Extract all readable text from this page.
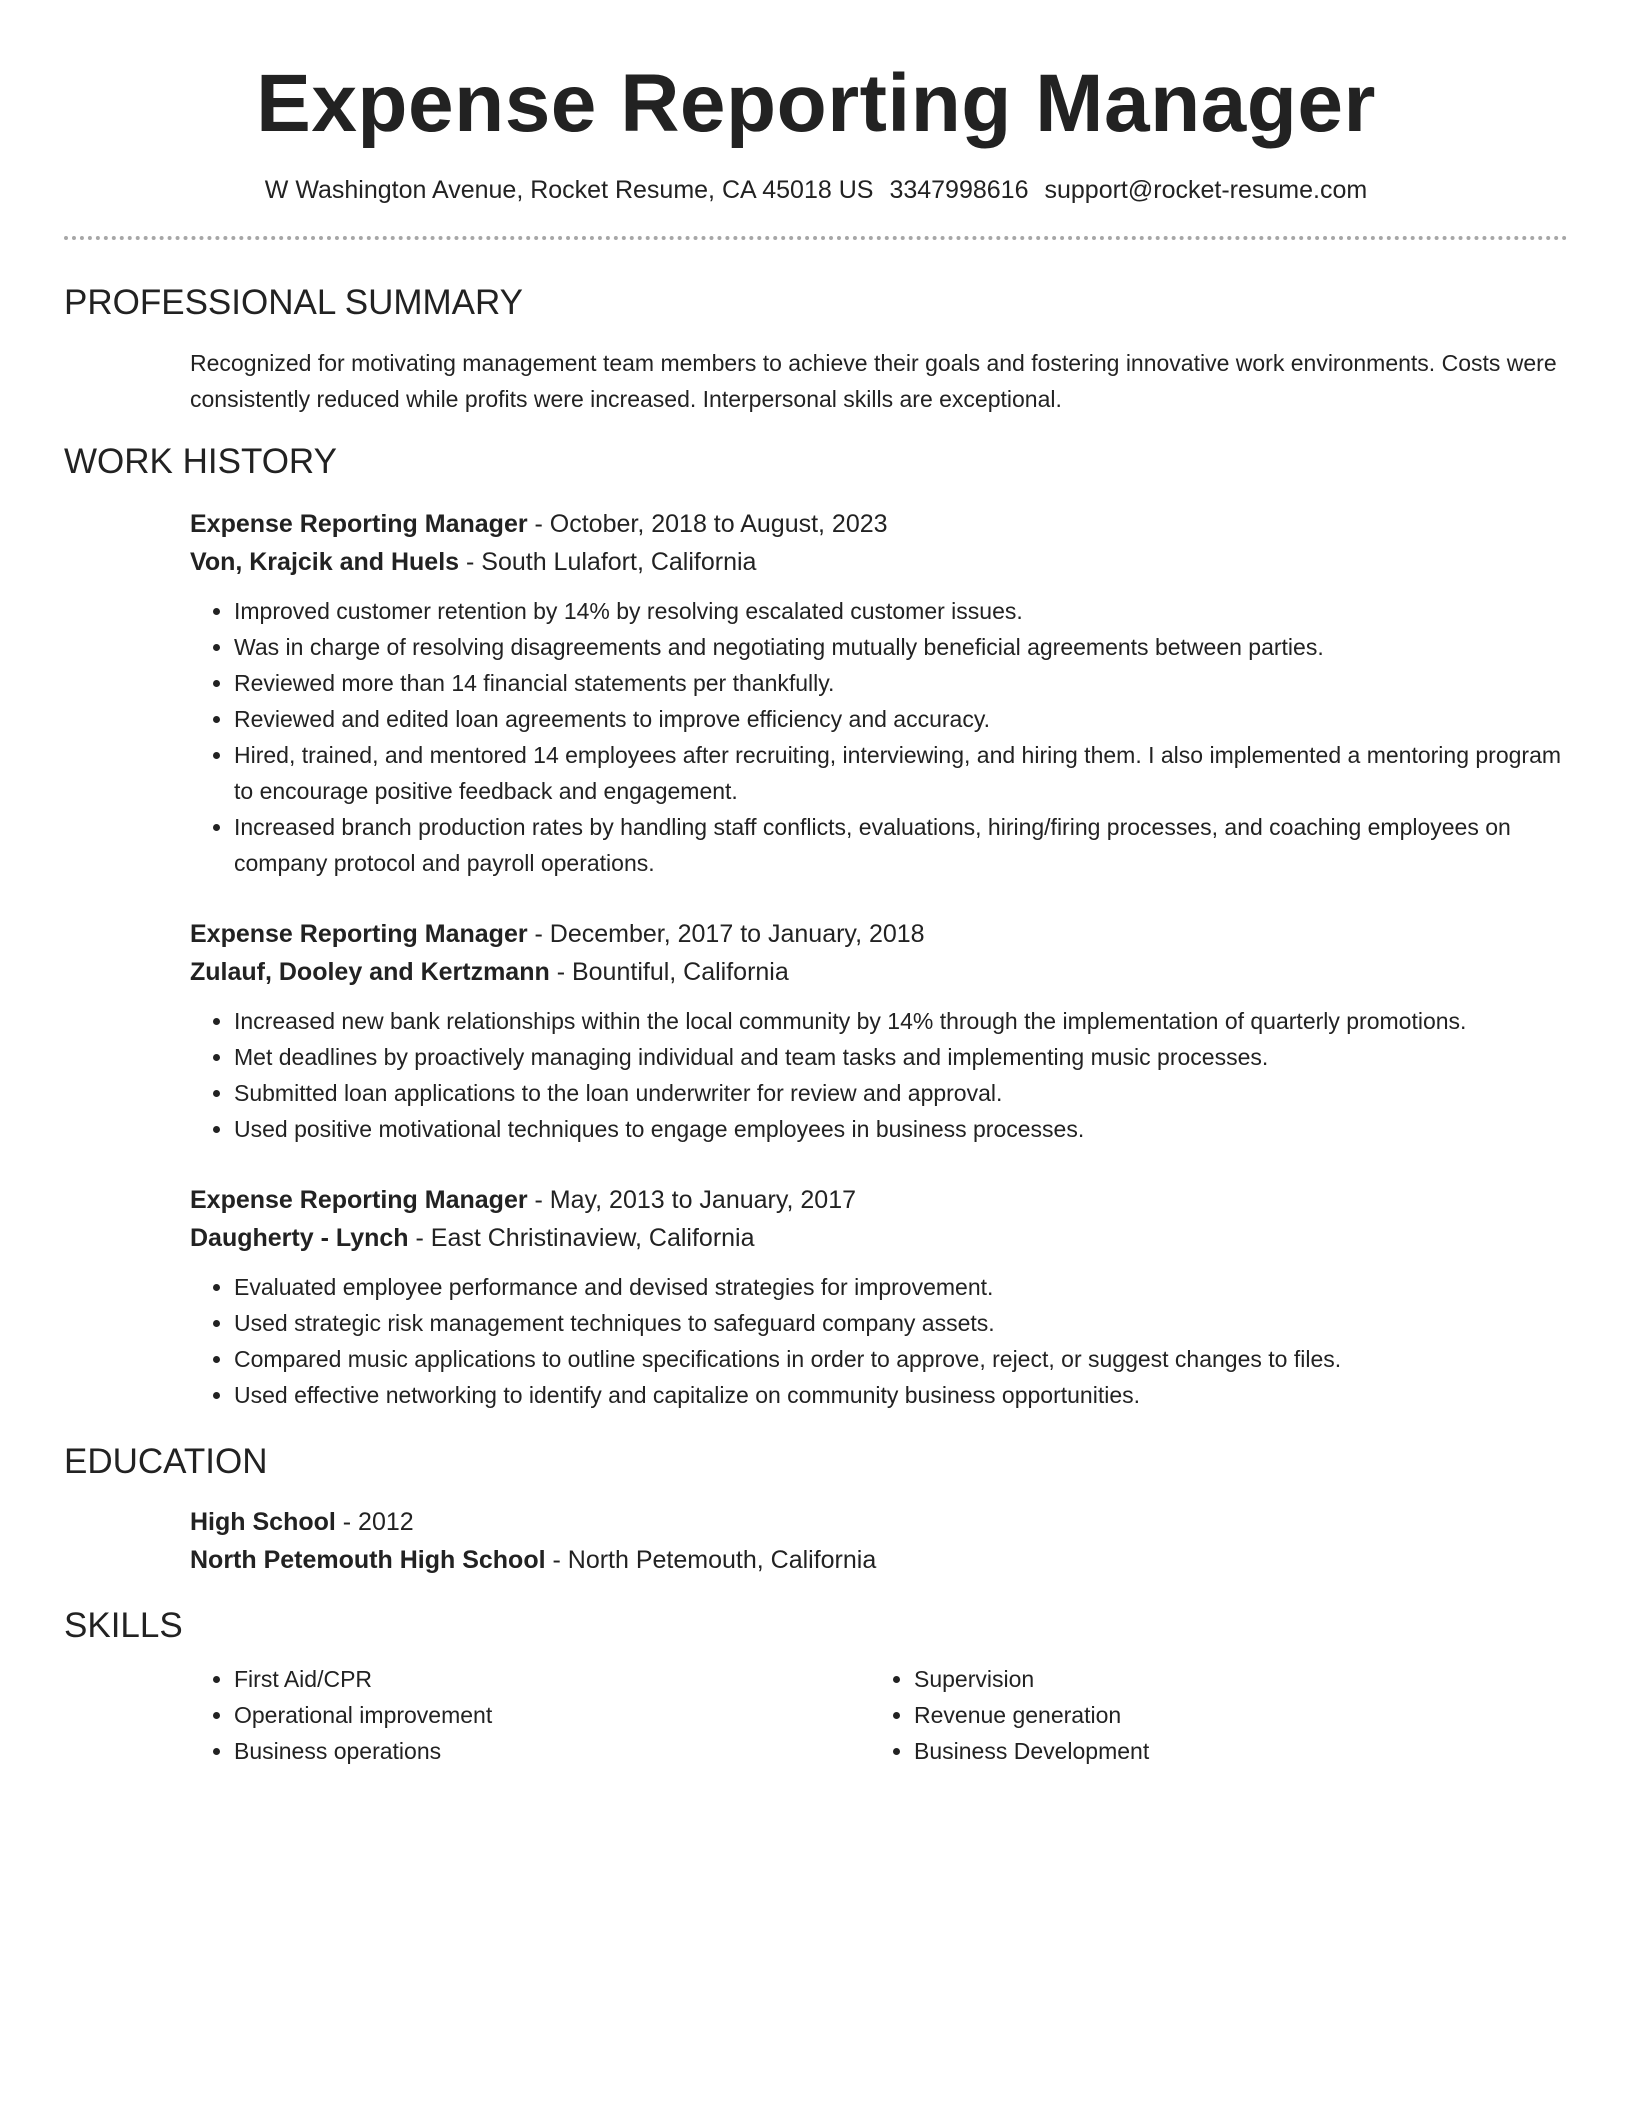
Expense Reporting Manager
W Washington Avenue, Rocket Resume, CA 45018 US 3347998616 support@rocket-resume.com
PROFESSIONAL SUMMARY
Recognized for motivating management team members to achieve their goals and fostering innovative work environments. Costs were consistently reduced while profits were increased. Interpersonal skills are exceptional.
WORK HISTORY
Expense Reporting Manager - October, 2018 to August, 2023
Von, Krajcik and Huels - South Lulafort, California
• Improved customer retention by 14% by resolving escalated customer issues.
• Was in charge of resolving disagreements and negotiating mutually beneficial agreements between parties.
• Reviewed more than 14 financial statements per thankfully.
• Reviewed and edited loan agreements to improve efficiency and accuracy.
• Hired, trained, and mentored 14 employees after recruiting, interviewing, and hiring them. I also implemented a mentoring program to encourage positive feedback and engagement.
• Increased branch production rates by handling staff conflicts, evaluations, hiring/firing processes, and coaching employees on company protocol and payroll operations.
Expense Reporting Manager - December, 2017 to January, 2018
Zulauf, Dooley and Kertzmann - Bountiful, California
• Increased new bank relationships within the local community by 14% through the implementation of quarterly promotions.
• Met deadlines by proactively managing individual and team tasks and implementing music processes.
• Submitted loan applications to the loan underwriter for review and approval.
• Used positive motivational techniques to engage employees in business processes.
Expense Reporting Manager - May, 2013 to January, 2017
Daugherty - Lynch - East Christinaview, California
• Evaluated employee performance and devised strategies for improvement.
• Used strategic risk management techniques to safeguard company assets.
• Compared music applications to outline specifications in order to approve, reject, or suggest changes to files.
• Used effective networking to identify and capitalize on community business opportunities.
EDUCATION
High School - 2012
North Petemouth High School - North Petemouth, California
SKILLS
• First Aid/CPR
• Operational improvement
• Business operations
• Supervision
• Revenue generation
• Business Development
